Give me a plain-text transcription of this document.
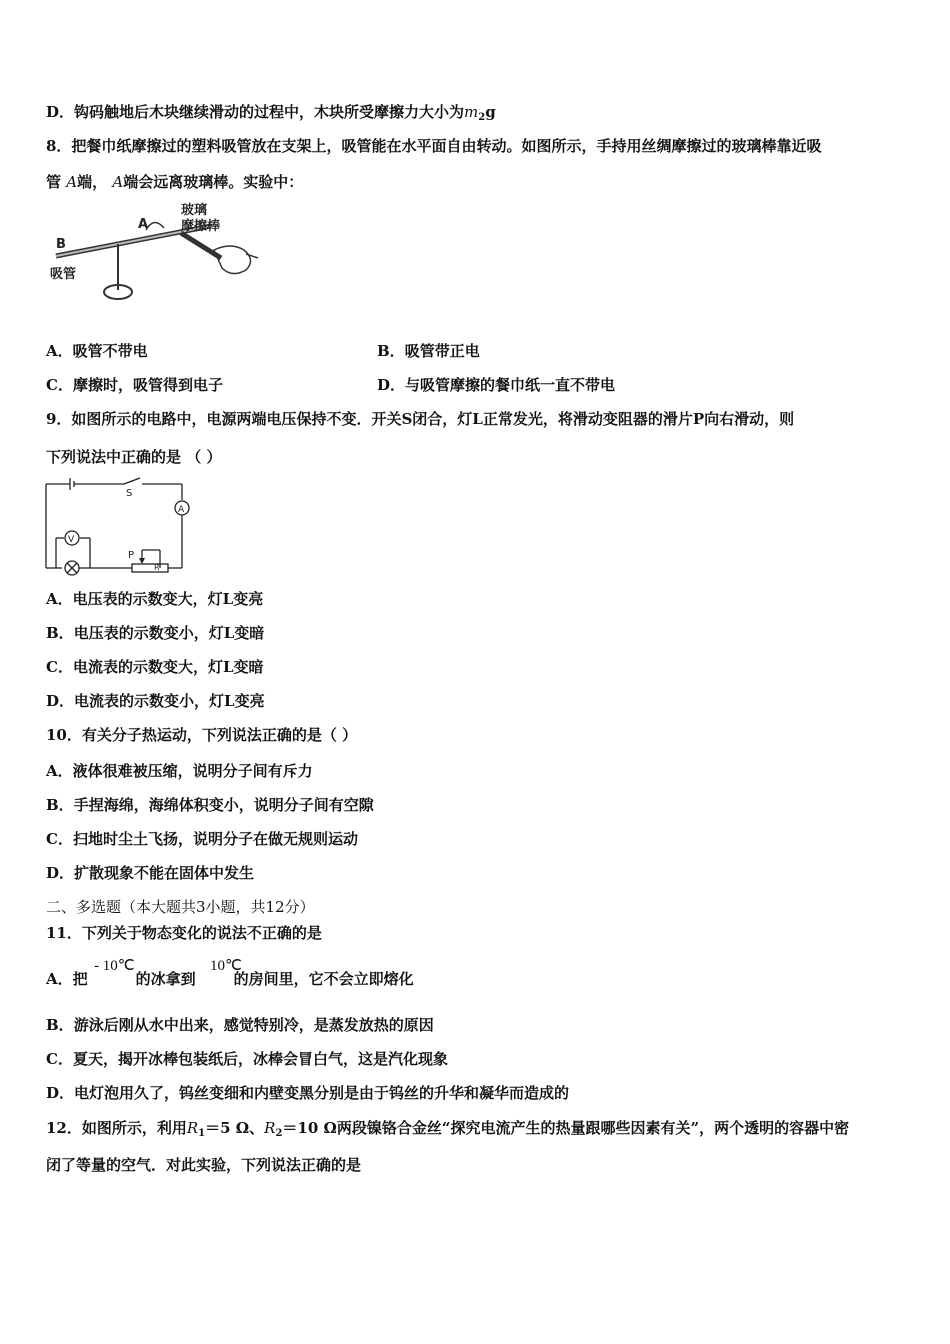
D．钩码触地后木块继续滑动的过程中，木块所受摩擦力大小为$m_2g$
8．把餐巾纸摩擦过的塑料吸管放在支架上，吸管能在水平面自由转动。如图所示，手持用丝绸摩擦过的玻璃棒靠近吸
管 A端， A端会远离玻璃棒。实验中：
A
B
吸管
玻璃
摩擦棒
A．吸管不带电	B．吸管带正电
C．摩擦时，吸管得到电子	D．与吸管摩擦的餐巾纸一直不带电
9．如图所示的电路中，电源两端电压保持不变．开关S闭合，灯L正常发光，将滑动变阻器的滑片P向右滑动，则
下列说法中正确的是 （ ）
S
A
V
P
R
A．电压表的示数变大，灯L变亮
B．电压表的示数变小，灯L变暗
C．电流表的示数变大，灯L变暗
D．电流表的示数变小，灯L变亮
10．有关分子热运动，下列说法正确的是（ ）
A．液体很难被压缩，说明分子间有斥力
B．手捏海绵，海绵体积变小，说明分子间有空隙
C．扫地时尘土飞扬，说明分子在做无规则运动
D．扩散现象不能在固体中发生
二、多选题（本大题共3小题，共12分）
11．下列关于物态变化的说法不正确的是
A．把	的冰拿到	的房间里，它不会立即熔化
- 10℃	10℃
B．游泳后刚从水中出来，感觉特别冷，是蒸发放热的原因
C．夏天，揭开冰棒包装纸后，冰棒会冒白气，这是汽化现象
D．电灯泡用久了，钨丝变细和内壁变黑分别是由于钨丝的升华和凝华而造成的
12．如图所示，利用$R_1=5$ Ω、$R_2=10$ Ω两段镍铬合金丝“探究电流产生的热量跟哪些因素有关”，两个透明的容器中密
闭了等量的空气．对此实验，下列说法正确的是
